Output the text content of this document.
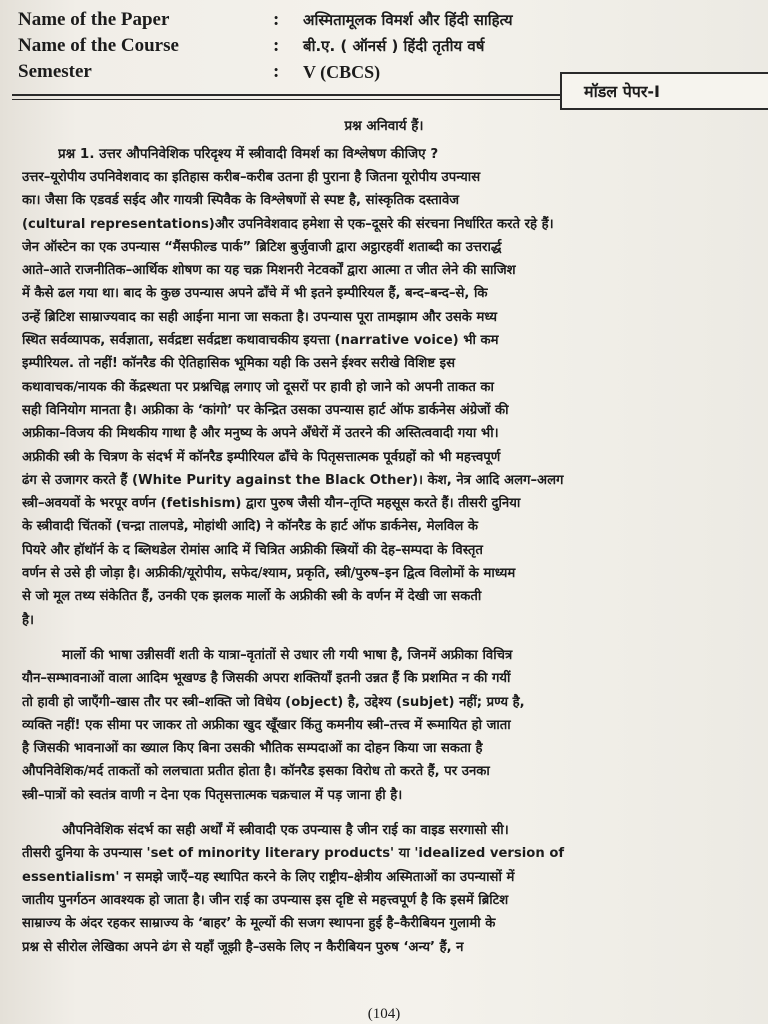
Name of the Paper	:	अस्मितामूलक विमर्श और हिंदी साहित्य
Name of the Course	:	बी.ए. ( ऑनर्स ) हिंदी तृतीय वर्ष
Semester	:	V (CBCS)
मॉडल पेपर-I
प्रश्न अनिवार्य हैं।
प्रश्न 1. उत्तर औपनिवेशिक परिदृश्य में स्त्रीवादी विमर्श का विश्लेषण कीजिए ?
उत्तर–यूरोपीय उपनिवेशवाद का इतिहास करीब–करीब उतना ही पुराना है जितना यूरोपीय उपन्यास
का। जैसा कि एडवर्ड सईद और गायत्री स्पिवैक के विश्लेषणों से स्पष्ट है, सांस्कृतिक दस्तावेज
(cultural representations)और उपनिवेशवाद हमेशा से एक–दूसरे की संरचना निर्धारित करते रहे हैं।
जेन ऑस्टेन का एक उपन्यास “मैंसफील्ड पार्क” ब्रिटिश बुर्जुवाजी द्वारा अट्ठारहवीं शताब्दी का उत्तरार्द्ध
आते–आते राजनीतिक–आर्थिक शोषण का यह चक्र मिशनरी नेटवर्कों द्वारा आत्मा त जीत लेने की साजिश
में कैसे ढल गया था। बाद के कुछ उपन्यास अपने ढाँचे में भी इतने इम्पीरियल हैं, बन्द–बन्द–से, कि
उन्हें ब्रिटिश साम्राज्यवाद का सही आईना माना जा सकता है। उपन्यास पूरा तामझाम और उसके मध्य
स्थित सर्वव्यापक, सर्वज्ञाता, सर्वद्रष्टा सर्वद्रष्टा कथावाचकीय इयत्ता (narrative voice) भी कम
इम्पीरियल. तो नहीं! कॉनरैड की ऐतिहासिक भूमिका यही कि उसने ईश्वर सरीखे विशिष्ट इस
कथावाचक/नायक की केंद्रस्थता पर प्रश्नचिह्न लगाए जो दूसरों पर हावी हो जाने को अपनी ताकत का
सही विनियोग मानता है। अफ्रीका के ‘कांगो’ पर केन्द्रित उसका उपन्यास हार्ट ऑफ डार्कनेस अंग्रेजों की
अफ्रीका–विजय की मिथकीय गाथा है और मनुष्य के अपने अँधेरों में उतरने की अस्तित्ववादी गया भी।
अफ्रीकी स्त्री के चित्रण के संदर्भ में कॉनरैड इम्पीरियल ढाँचे के पितृसत्तात्मक पूर्वग्रहों को भी महत्त्वपूर्ण
ढंग से उजागर करते हैं (White Purity against the Black Other)। केश, नेत्र आदि अलग–अलग
स्त्री–अवयवों के भरपूर वर्णन (fetishism) द्वारा पुरुष जैसी यौन–तृप्ति महसूस करते हैं। तीसरी दुनिया
के स्त्रीवादी चिंतकों (चन्द्रा तालपडे, मोहांथी आदि) ने कॉनरैड के हार्ट ऑफ डार्कनेस, मेलविल के
पियरे और हॉथॉर्न के द ब्लिथडेल रोमांस आदि में चित्रित अफ्रीकी स्त्रियों की देह–सम्पदा के विस्तृत
वर्णन से उसे ही जोड़ा है। अफ्रीकी/यूरोपीय, सफेद/श्याम, प्रकृति, स्त्री/पुरुष–इन द्वित्व विलोमों के माध्यम
से जो मूल तथ्य संकेतित हैं, उनकी एक झलक मार्लो के अफ्रीकी स्त्री के वर्णन में देखी जा सकती
है।
मार्लो की भाषा उन्नीसवीं शती के यात्रा–वृतांतों से उधार ली गयी भाषा है, जिनमें अफ्रीका विचित्र
यौन–सम्भावनाओं वाला आदिम भूखण्ड है जिसकी अपरा शक्तियाँ इतनी उन्नत हैं कि प्रशमित न की गयीं
तो हावी हो जाएँगी–खास तौर पर स्त्री–शक्ति जो विधेय (object) है, उद्देश्य (subjet) नहीं; प्रण्य है,
व्यक्ति नहीं! एक सीमा पर जाकर तो अफ्रीका खुद खूँखार किंतु कमनीय स्त्री–तत्त्व में रूमायित हो जाता
है जिसकी भावनाओं का ख्याल किए बिना उसकी भौतिक सम्पदाओं का दोहन किया जा सकता है
औपनिवेशिक/मर्द ताकतों को ललचाता प्रतीत होता है। कॉनरैड इसका विरोध तो करते हैं, पर उनका
स्त्री–पात्रों को स्वतंत्र वाणी न देना एक पितृसत्तात्मक चक्रचाल में पड़ जाना ही है।
औपनिवेशिक संदर्भ का सही अर्थों में स्त्रीवादी एक उपन्यास है जीन राई का वाइड सरगासो सी।
तीसरी दुनिया के उपन्यास 'set of minority literary products' या 'idealized version of
essentialism' न समझे जाएँ–यह स्थापित करने के लिए राष्ट्रीय–क्षेत्रीय अस्मिताओं का उपन्यासों में
जातीय पुनर्गठन आवश्यक हो जाता है। जीन राई का उपन्यास इस दृष्टि से महत्त्वपूर्ण है कि इसमें ब्रिटिश
साम्राज्य के अंदर रहकर साम्राज्य के ‘बाहर’ के मूल्यों की सजग स्थापना हुई है–कैरीबियन गुलामी के
प्रश्न से सीरोल लेखिका अपने ढंग से यहाँ जूझी है–उसके लिए न कैरीबियन पुरुष ‘अन्य’ हैं, न
(104)
